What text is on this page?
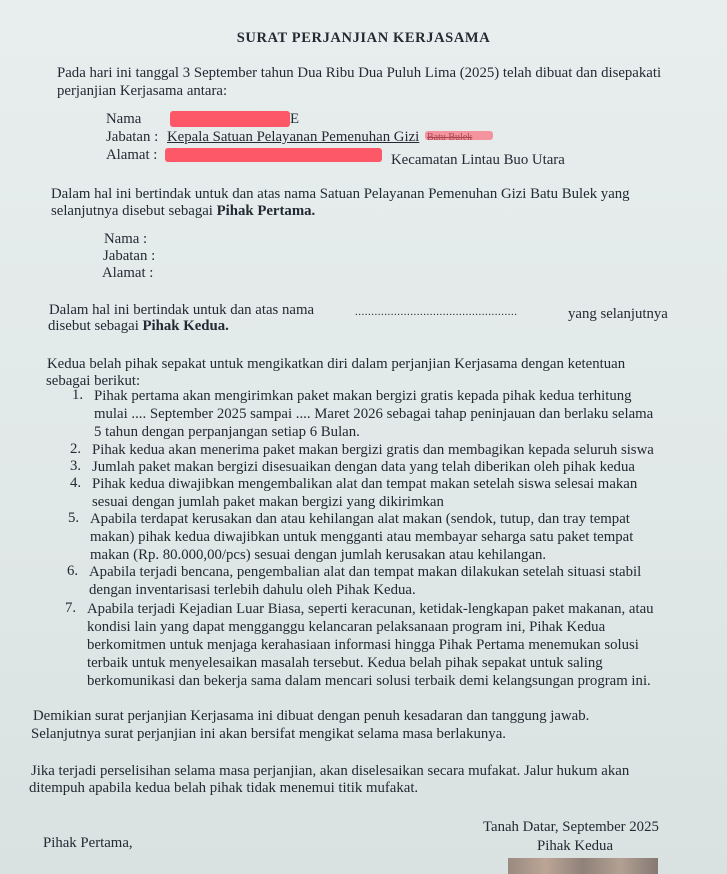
SURAT PERJANJIAN KERJASAMA
Pada hari ini tanggal 3 September tahun Dua Ribu Dua Puluh Lima (2025) telah dibuat dan disepakati
perjanjian Kerjasama antara:
Nama	E
Jabatan : Kepala Satuan Pelayanan Pemenuhan Gizi
Alamat :	Kecamatan Lintau Buo Utara
Dalam hal ini bertindak untuk dan atas nama Satuan Pelayanan Pemenuhan Gizi Batu Bulek yang
selanjutnya disebut sebagai Pihak Pertama.
Nama :
Jabatan :
Alamat :
Dalam hal ini bertindak untuk dan atas nama	..................................................	yang selanjutnya
disebut sebagai Pihak Kedua.
Kedua belah pihak sepakat untuk mengikatkan diri dalam perjanjian Kerjasama dengan ketentuan
sebagai berikut:
1. Pihak pertama akan mengirimkan paket makan bergizi gratis kepada pihak kedua terhitung
mulai .... September 2025 sampai .... Maret 2026 sebagai tahap peninjauan dan berlaku selama
5 tahun dengan perpanjangan setiap 6 Bulan.
2. Pihak kedua akan menerima paket makan bergizi gratis dan membagikan kepada seluruh siswa
3. Jumlah paket makan bergizi disesuaikan dengan data yang telah diberikan oleh pihak kedua
4. Pihak kedua diwajibkan mengembalikan alat dan tempat makan setelah siswa selesai makan
sesuai dengan jumlah paket makan bergizi yang dikirimkan
5. Apabila terdapat kerusakan dan atau kehilangan alat makan (sendok, tutup, dan tray tempat
makan) pihak kedua diwajibkan untuk mengganti atau membayar seharga satu paket tempat
makan (Rp. 80.000,00/pcs) sesuai dengan jumlah kerusakan atau kehilangan.
6. Apabila terjadi bencana, pengembalian alat dan tempat makan dilakukan setelah situasi stabil
dengan inventarisasi terlebih dahulu oleh Pihak Kedua.
7. Apabila terjadi Kejadian Luar Biasa, seperti keracunan, ketidak-lengkapan paket makanan, atau
kondisi lain yang dapat mengganggu kelancaran pelaksanaan program ini, Pihak Kedua
berkomitmen untuk menjaga kerahasiaan informasi hingga Pihak Pertama menemukan solusi
terbaik untuk menyelesaikan masalah tersebut. Kedua belah pihak sepakat untuk saling
berkomunikasi dan bekerja sama dalam mencari solusi terbaik demi kelangsungan program ini.
Demikian surat perjanjian Kerjasama ini dibuat dengan penuh kesadaran dan tanggung jawab.
Selanjutnya surat perjanjian ini akan bersifat mengikat selama masa berlakunya.
Jika terjadi perselisihan selama masa perjanjian, akan diselesaikan secara mufakat. Jalur hukum akan
ditempuh apabila kedua belah pihak tidak menemui titik mufakat.
Tanah Datar, September 2025
Pihak Pertama,	Pihak Kedua
